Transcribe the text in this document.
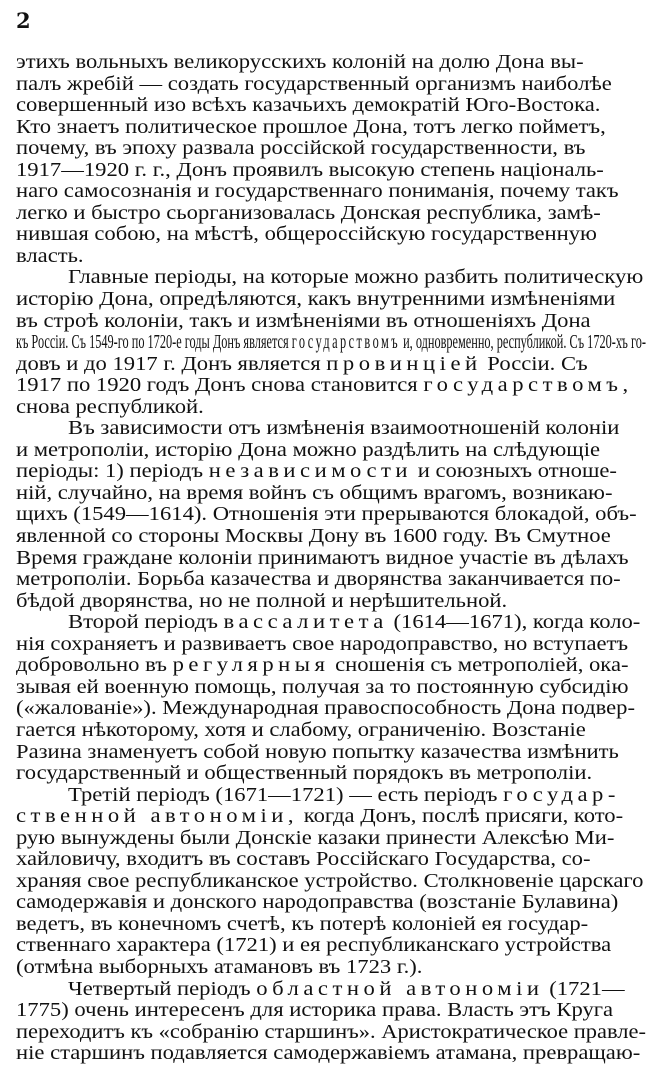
2
этихъ вольныхъ великорусскихъ колоній на долю Дона вы-
палъ жребій — создать государственный организмъ наиболѣе
совершенный изо всѣхъ казачьихъ демократій Юго-Востока.
Кто знаетъ политическое прошлое Дона, тотъ легко пойметъ,
почему, въ эпоху развала россійской государственности, въ
1917—1920 г. г., Донъ проявилъ высокую степень національ-
наго самосознанія и государственнаго пониманія, почему такъ
легко и быстро сьорганизовалась Донская республика, замѣ-
нившая собою, на мѣстѣ, общероссійскую государственную
власть.
Главные періоды, на которые можно разбить политическую
исторію Дона, опредѣляются, какъ внутренними измѣненіями
въ строѣ колоніи, такъ и измѣненіями въ отношеніяхъ Дона
къ Россіи. Съ 1549-го по 1720-е годы Донъ является государствомъ и, одновременно, республикой. Съ 1720-хъ го-
довъ и до 1917 г. Донъ является провинціей Россіи. Съ
1917 по 1920 годъ Донъ снова становится государствомъ,
снова республикой.
Въ зависимости отъ измѣненія взаимоотношеній колоніи
и метрополіи, исторію Дона можно раздѣлить на слѣдующіе
періоды: 1) періодъ независимости и союзныхъ отноше-
ній, случайно, на время войнъ съ общимъ врагомъ, возникаю-
щихъ (1549—1614). Отношенія эти прерываются блокадой, объ-
явленной со стороны Москвы Дону въ 1600 году. Въ Смутное
Время граждане колоніи принимаютъ видное участіе въ дѣлахъ
метрополіи. Борьба казачества и дворянства заканчивается по-
бѣдой дворянства, но не полной и нерѣшительной.
Второй періодъ вассалитета (1614—1671), когда коло-
нія сохраняетъ и развиваетъ свое народоправство, но вступаетъ
добровольно въ регулярныя сношенія съ метрополіей, ока-
зывая ей военную помощь, получая за то постоянную субсидію
(«жалованіе»). Международная правоспособность Дона подвер-
гается нѣкоторому, хотя и слабому, ограниченію. Возстаніе
Разина знаменуетъ собой новую попытку казачества измѣнить
государственный и общественный порядокъ въ метрополіи.
Третій періодъ (1671—1721) — есть періодъ государ-
ственной автономіи, когда Донъ, послѣ присяги, кото-
рую вынуждены были Донскіе казаки принести Алексѣю Ми-
хайловичу, входитъ въ составъ Россійскаго Государства, со-
храняя свое республиканское устройство. Столкновеніе царскаго
самодержавія и донского народоправства (возстаніе Булавина)
ведетъ, въ конечномъ счетѣ, къ потерѣ колоніей ея государ-
ственнаго характера (1721) и ея республиканскаго устройства
(отмѣна выборныхъ атамановъ въ 1723 г.).
Четвертый періодъ областной автономіи (1721—
1775) очень интересенъ для историка права. Власть этъ Круга
переходитъ къ «собранію старшинъ». Аристократическое правле-
ніе старшинъ подавляется самодержавіемъ атамана, превращаю-
